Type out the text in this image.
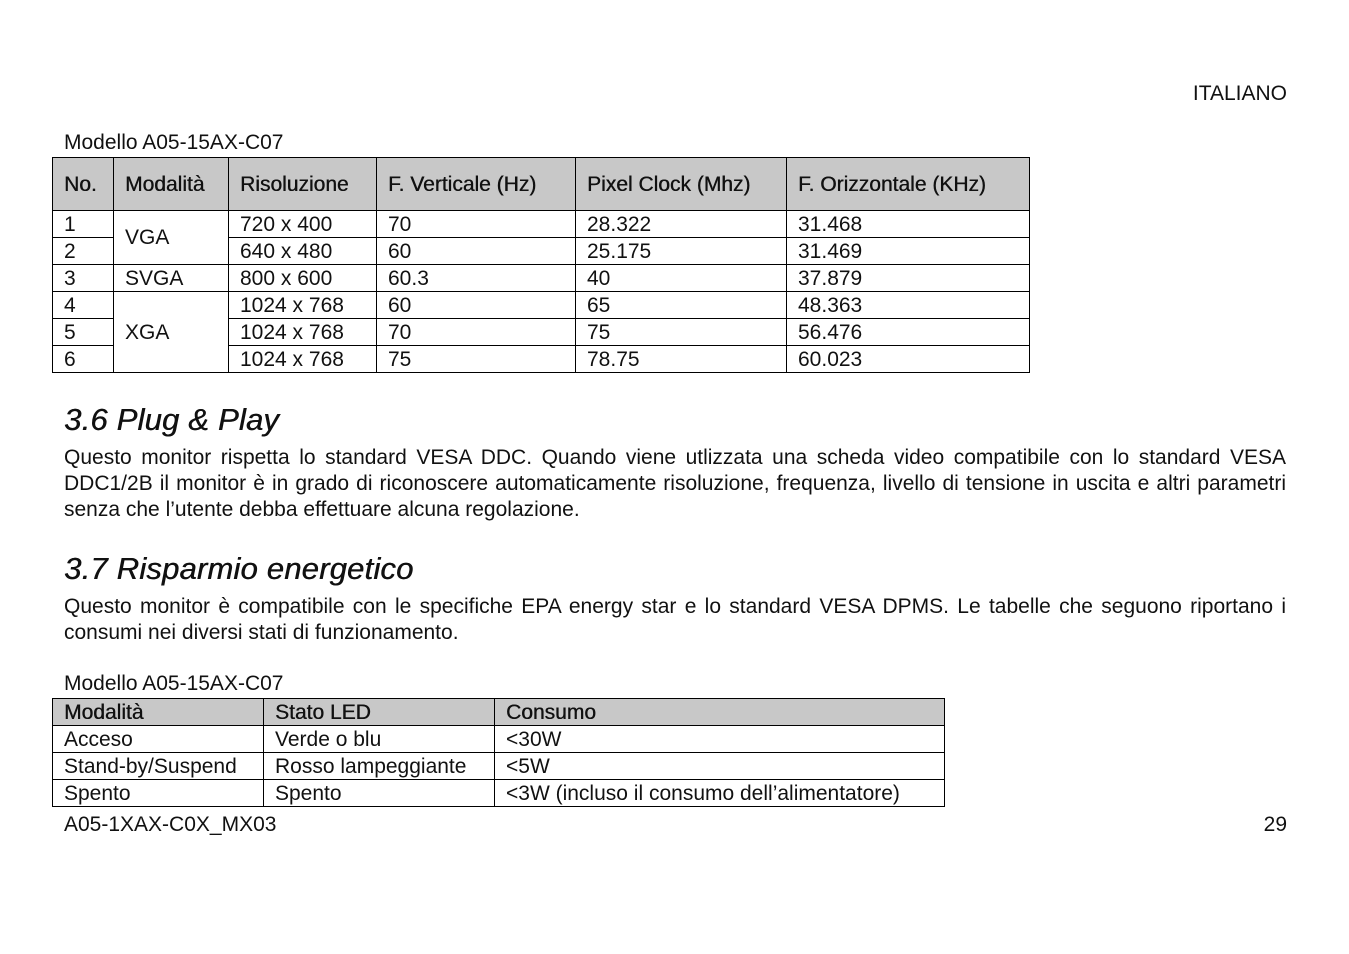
ITALIANO
Modello A05-15AX-C07
No.	Modalità	Risoluzione	F. Verticale (Hz)	Pixel Clock (Mhz)	F. Orizzontale (KHz)
1	VGA	720 x 400	70	28.322	31.468
2		640 x 480	60	25.175	31.469
3	SVGA	800 x 600	60.3	40	37.879
4	XGA	1024 x 768	60	65	48.363
5		1024 x 768	70	75	56.476
6		1024 x 768	75	78.75	60.023
3.6 Plug & Play

Questo monitor rispetta lo standard VESA DDC. Quando viene utlizzata una scheda video compatibile con lo standard VESA DDC1/2B il monitor è in grado di riconoscere automaticamente risoluzione, frequenza, livello di tensione in uscita e altri parametri senza che l’utente debba effettuare alcuna regolazione.

3.7 Risparmio energetico

Questo monitor è compatibile con le specifiche EPA energy star e lo standard VESA DPMS. Le tabelle che seguono riportano i consumi nei diversi stati di funzionamento.

Modello A05-15AX-C07
Modalità	Stato LED	Consumo
Acceso	Verde o blu	<30W
Stand-by/Suspend	Rosso lampeggiante	<5W
Spento	Spento	<3W (incluso il consumo dell’alimentatore)
A05-1XAX-C0X_MX03	29
